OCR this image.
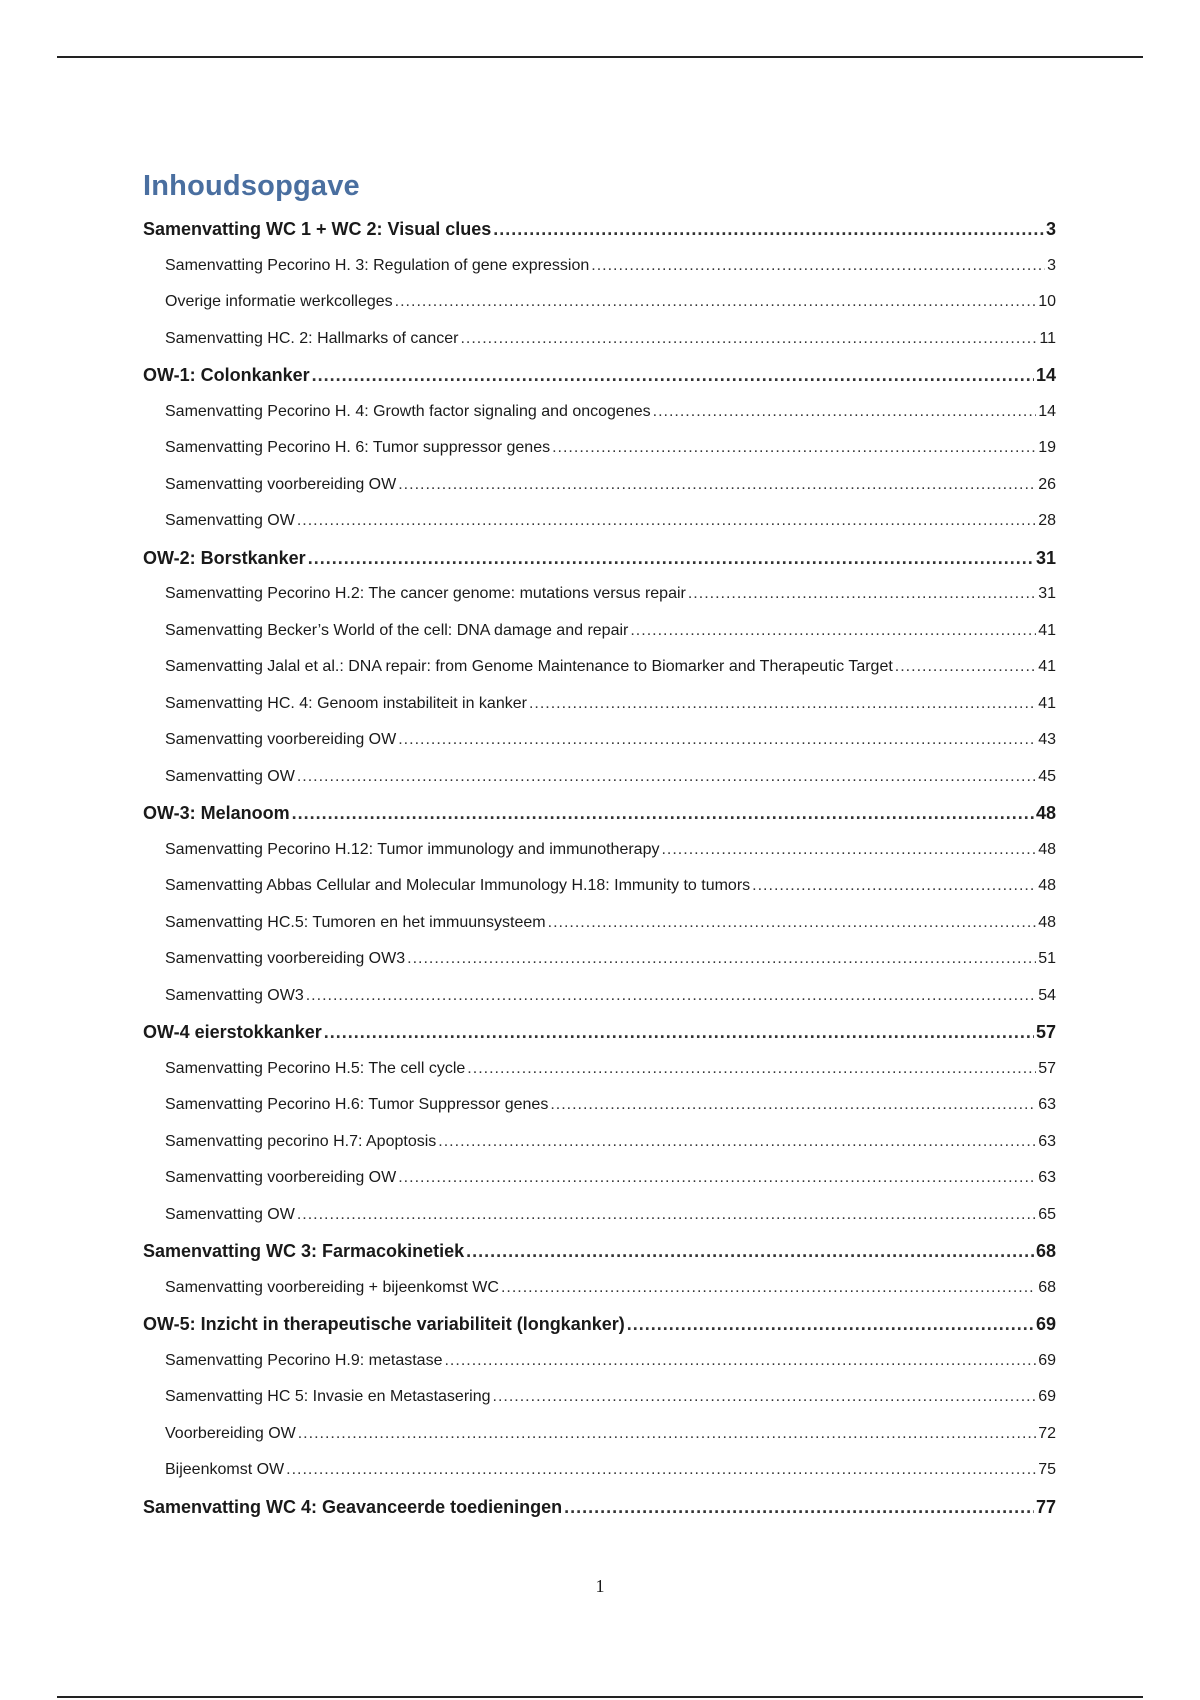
Inhoudsopgave
Samenvatting WC 1 + WC 2: Visual clues .....	3
Samenvatting Pecorino H. 3: Regulation of gene expression .....	3
Overige informatie werkcolleges .....	10
Samenvatting HC. 2: Hallmarks of cancer .....	11
OW-1: Colonkanker .....	14
Samenvatting Pecorino H. 4: Growth factor signaling and oncogenes .....	14
Samenvatting Pecorino H. 6: Tumor suppressor genes .....	19
Samenvatting voorbereiding OW .....	26
Samenvatting OW .....	28
OW-2: Borstkanker .....	31
Samenvatting Pecorino H.2: The cancer genome: mutations versus repair .....	31
Samenvatting Becker’s World of the cell: DNA damage and repair .....	41
Samenvatting Jalal et al.: DNA repair: from Genome Maintenance to Biomarker and Therapeutic Target .....	41
Samenvatting HC. 4: Genoom instabiliteit in kanker .....	41
Samenvatting voorbereiding OW .....	43
Samenvatting OW .....	45
OW-3: Melanoom .....	48
Samenvatting Pecorino H.12: Tumor immunology and immunotherapy .....	48
Samenvatting Abbas Cellular and Molecular Immunology H.18: Immunity to tumors .....	48
Samenvatting HC.5: Tumoren en het immuunsysteem .....	48
Samenvatting voorbereiding OW3 .....	51
Samenvatting OW3 .....	54
OW-4 eierstokkanker .....	57
Samenvatting Pecorino H.5: The cell cycle .....	57
Samenvatting Pecorino H.6: Tumor Suppressor genes .....	63
Samenvatting pecorino H.7: Apoptosis .....	63
Samenvatting voorbereiding OW .....	63
Samenvatting OW .....	65
Samenvatting WC 3: Farmacokinetiek .....	68
Samenvatting voorbereiding + bijeenkomst WC .....	68
OW-5: Inzicht in therapeutische variabiliteit (longkanker) .....	69
Samenvatting Pecorino H.9: metastase .....	69
Samenvatting HC 5: Invasie en Metastasering .....	69
Voorbereiding OW .....	72
Bijeenkomst OW .....	75
Samenvatting WC 4: Geavanceerde toedieningen .....	77
1
